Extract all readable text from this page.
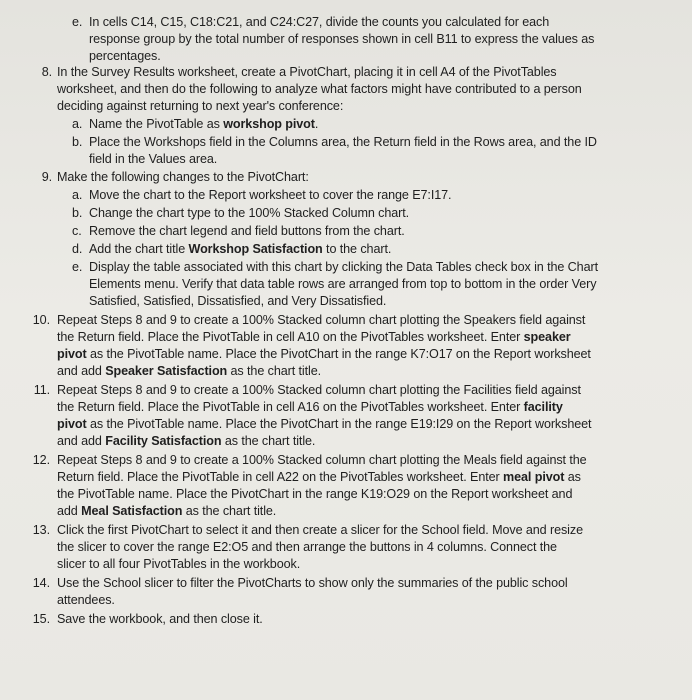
e. In cells C14, C15, C18:C21, and C24:C27, divide the counts you calculated for each
response group by the total number of responses shown in cell B11 to express the values as
percentages.
8. In the Survey Results worksheet, create a PivotChart, placing it in cell A4 of the PivotTables
worksheet, and then do the following to analyze what factors might have contributed to a person
deciding against returning to next year's conference:
a. Name the PivotTable as workshop pivot.
b. Place the Workshops field in the Columns area, the Return field in the Rows area, and the ID
field in the Values area.
9. Make the following changes to the PivotChart:
a. Move the chart to the Report worksheet to cover the range E7:I17.
b. Change the chart type to the 100% Stacked Column chart.
c. Remove the chart legend and field buttons from the chart.
d. Add the chart title Workshop Satisfaction to the chart.
e. Display the table associated with this chart by clicking the Data Tables check box in the Chart
Elements menu. Verify that data table rows are arranged from top to bottom in the order Very
Satisfied, Satisfied, Dissatisfied, and Very Dissatisfied.
10. Repeat Steps 8 and 9 to create a 100% Stacked column chart plotting the Speakers field against
the Return field. Place the PivotTable in cell A10 on the PivotTables worksheet. Enter speaker
pivot as the PivotTable name. Place the PivotChart in the range K7:O17 on the Report worksheet
and add Speaker Satisfaction as the chart title.
11. Repeat Steps 8 and 9 to create a 100% Stacked column chart plotting the Facilities field against
the Return field. Place the PivotTable in cell A16 on the PivotTables worksheet. Enter facility
pivot as the PivotTable name. Place the PivotChart in the range E19:I29 on the Report worksheet
and add Facility Satisfaction as the chart title.
12. Repeat Steps 8 and 9 to create a 100% Stacked column chart plotting the Meals field against the
Return field. Place the PivotTable in cell A22 on the PivotTables worksheet. Enter meal pivot as
the PivotTable name. Place the PivotChart in the range K19:O29 on the Report worksheet and
add Meal Satisfaction as the chart title.
13. Click the first PivotChart to select it and then create a slicer for the School field. Move and resize
the slicer to cover the range E2:O5 and then arrange the buttons in 4 columns. Connect the
slicer to all four PivotTables in the workbook.
14. Use the School slicer to filter the PivotCharts to show only the summaries of the public school
attendees.
15. Save the workbook, and then close it.
